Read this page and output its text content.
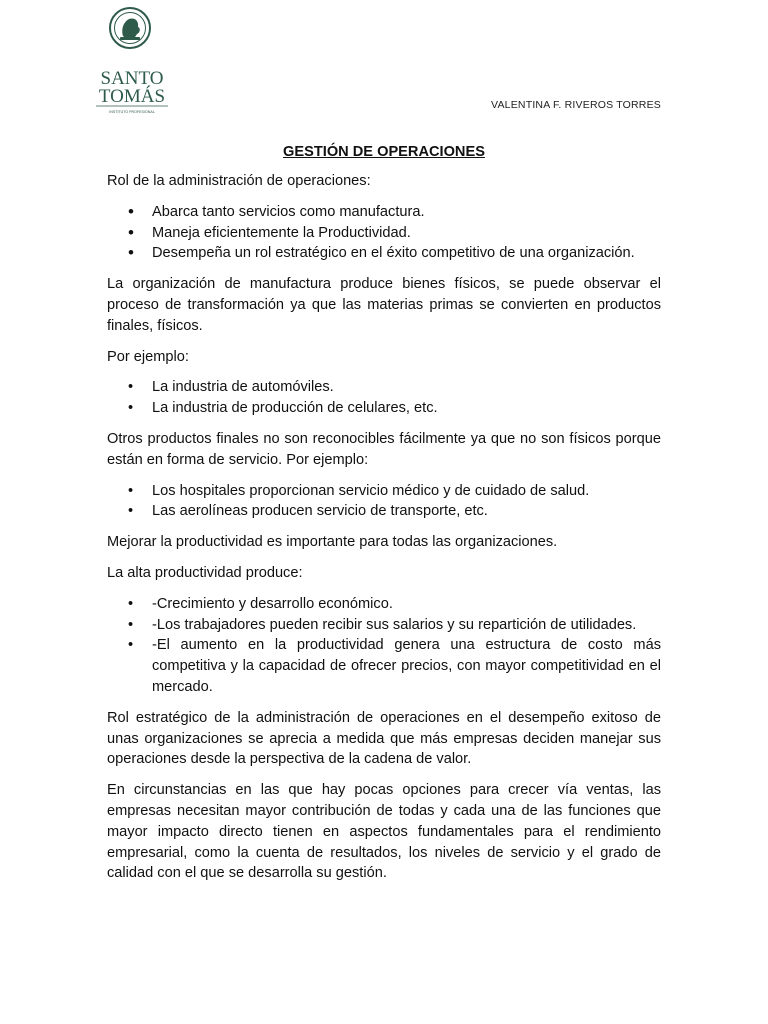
SANTO
TOMÁS
INSTITUTO PROFESIONAL
VALENTINA F. RIVEROS TORRES
GESTIÓN DE OPERACIONES

Rol de la administración de operaciones:

• Abarca tanto servicios como manufactura.
• Maneja eficientemente la Productividad.
• Desempeña un rol estratégico en el éxito competitivo de una organización.

La organización de manufactura produce bienes físicos, se puede observar el proceso de transformación ya que las materias primas se convierten en productos finales, físicos.

Por ejemplo:

• La industria de automóviles.
• La industria de producción de celulares, etc.

Otros productos finales no son reconocibles fácilmente ya que no son físicos porque están en forma de servicio. Por ejemplo:

• Los hospitales proporcionan servicio médico y de cuidado de salud.
• Las aerolíneas producen servicio de transporte, etc.

Mejorar la productividad es importante para todas las organizaciones.

La alta productividad produce:

• -Crecimiento y desarrollo económico.
• -Los trabajadores pueden recibir sus salarios y su repartición de utilidades.
• -El aumento en la productividad genera una estructura de costo más competitiva y la capacidad de ofrecer precios, con mayor competitividad en el mercado.

Rol estratégico de la administración de operaciones en el desempeño exitoso de unas organizaciones se aprecia a medida que más empresas deciden manejar sus operaciones desde la perspectiva de la cadena de valor.

En circunstancias en las que hay pocas opciones para crecer vía ventas, las empresas necesitan mayor contribución de todas y cada una de las funciones que mayor impacto directo tienen en aspectos fundamentales para el rendimiento empresarial, como la cuenta de resultados, los niveles de servicio y el grado de calidad con el que se desarrolla su gestión.
